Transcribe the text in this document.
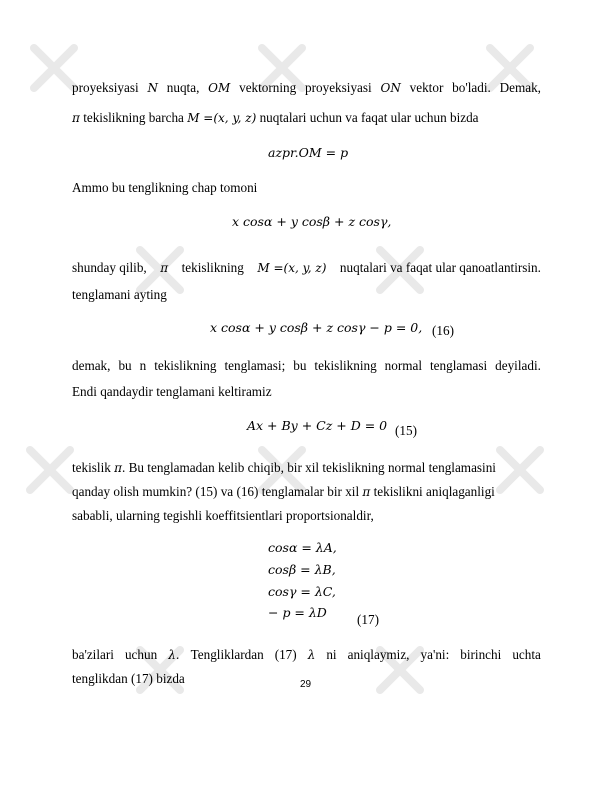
proyeksiyasi N nuqta, OM vektorning proyeksiyasi ON vektor bo'ladi. Demak,
π tekislikning barcha M =(x, y, z) nuqtalari uchun va faqat ular uchun bizda
azpr.OM = p
Ammo bu tenglikning chap tomoni
x cosα + y cosβ + z cosγ,
shunday qilib, π tekislikning M =(x, y, z) nuqtalari va faqat ular qanoatlantirsin.
tenglamani ayting
x cosα + y cosβ + z cosγ − p = 0, (16)
demak, bu n tekislikning tenglamasi; bu tekislikning normal tenglamasi deyiladi.
Endi qandaydir tenglamani keltiramiz
Ax + By + Cz + D = 0 (15)
tekislik π. Bu tenglamadan kelib chiqib, bir xil tekislikning normal tenglamasini
qanday olish mumkin? (15) va (16) tenglamalar bir xil π tekislikni aniqlaganligi
sababli, ularning tegishli koeffitsientlari proportsionaldir,
cosα = λA,
cosβ = λB,
cosγ = λC,
− p = λD (17)
ba'zilari uchun λ. Tengliklardan (17) λ ni aniqlaymiz, ya'ni: birinchi uchta
tenglikdan (17) bizda	29
